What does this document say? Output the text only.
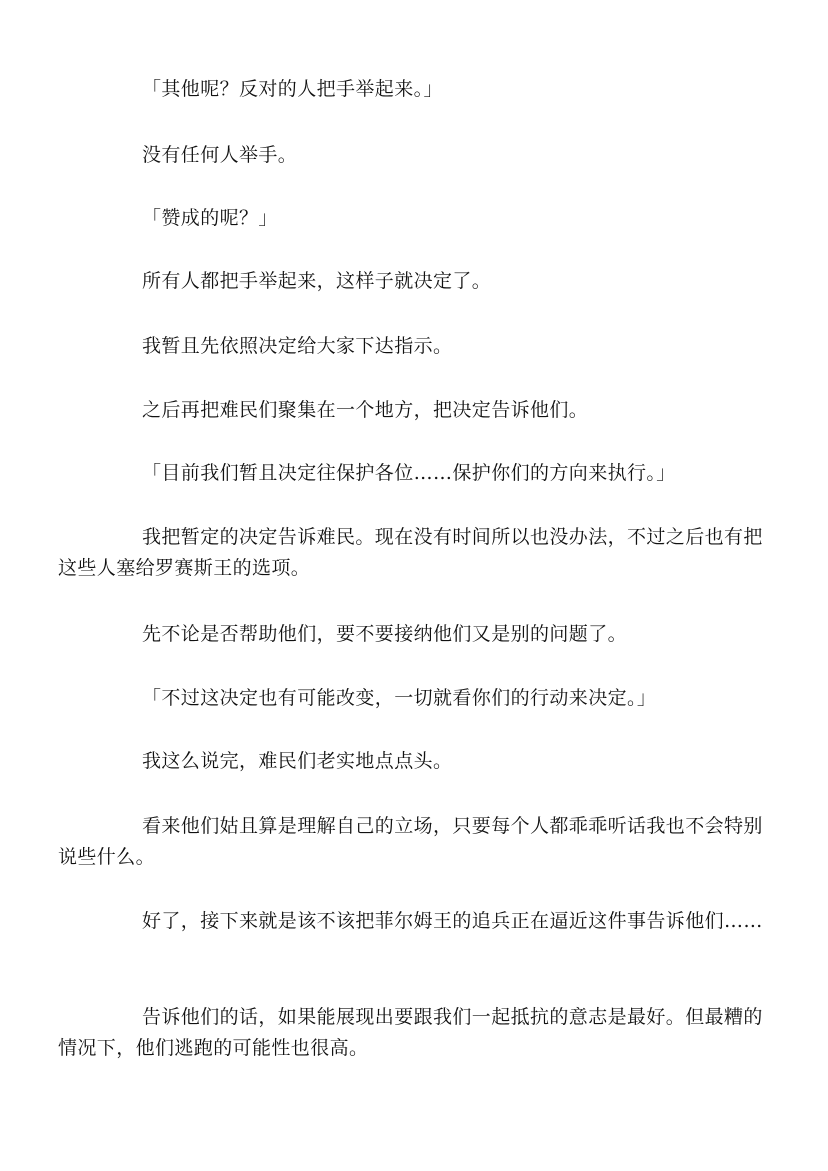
「其他呢？反对的人把手举起来。」

没有任何人举手。

「赞成的呢？」

所有人都把手举起来，这样子就决定了。

我暂且先依照决定给大家下达指示。

之后再把难民们聚集在一个地方，把决定告诉他们。

「目前我们暂且决定往保护各位……保护你们的方向来执行。」

我把暂定的决定告诉难民。现在没有时间所以也没办法，不过之后也有把这些人塞给罗赛斯王的选项。

先不论是否帮助他们，要不要接纳他们又是别的问题了。

「不过这决定也有可能改变，一切就看你们的行动来决定。」

我这么说完，难民们老实地点点头。

看来他们姑且算是理解自己的立场，只要每个人都乖乖听话我也不会特别说些什么。

好了，接下来就是该不该把菲尔姆王的追兵正在逼近这件事告诉他们……

告诉他们的话，如果能展现出要跟我们一起抵抗的意志是最好。但最糟的情况下，他们逃跑的可能性也很高。
